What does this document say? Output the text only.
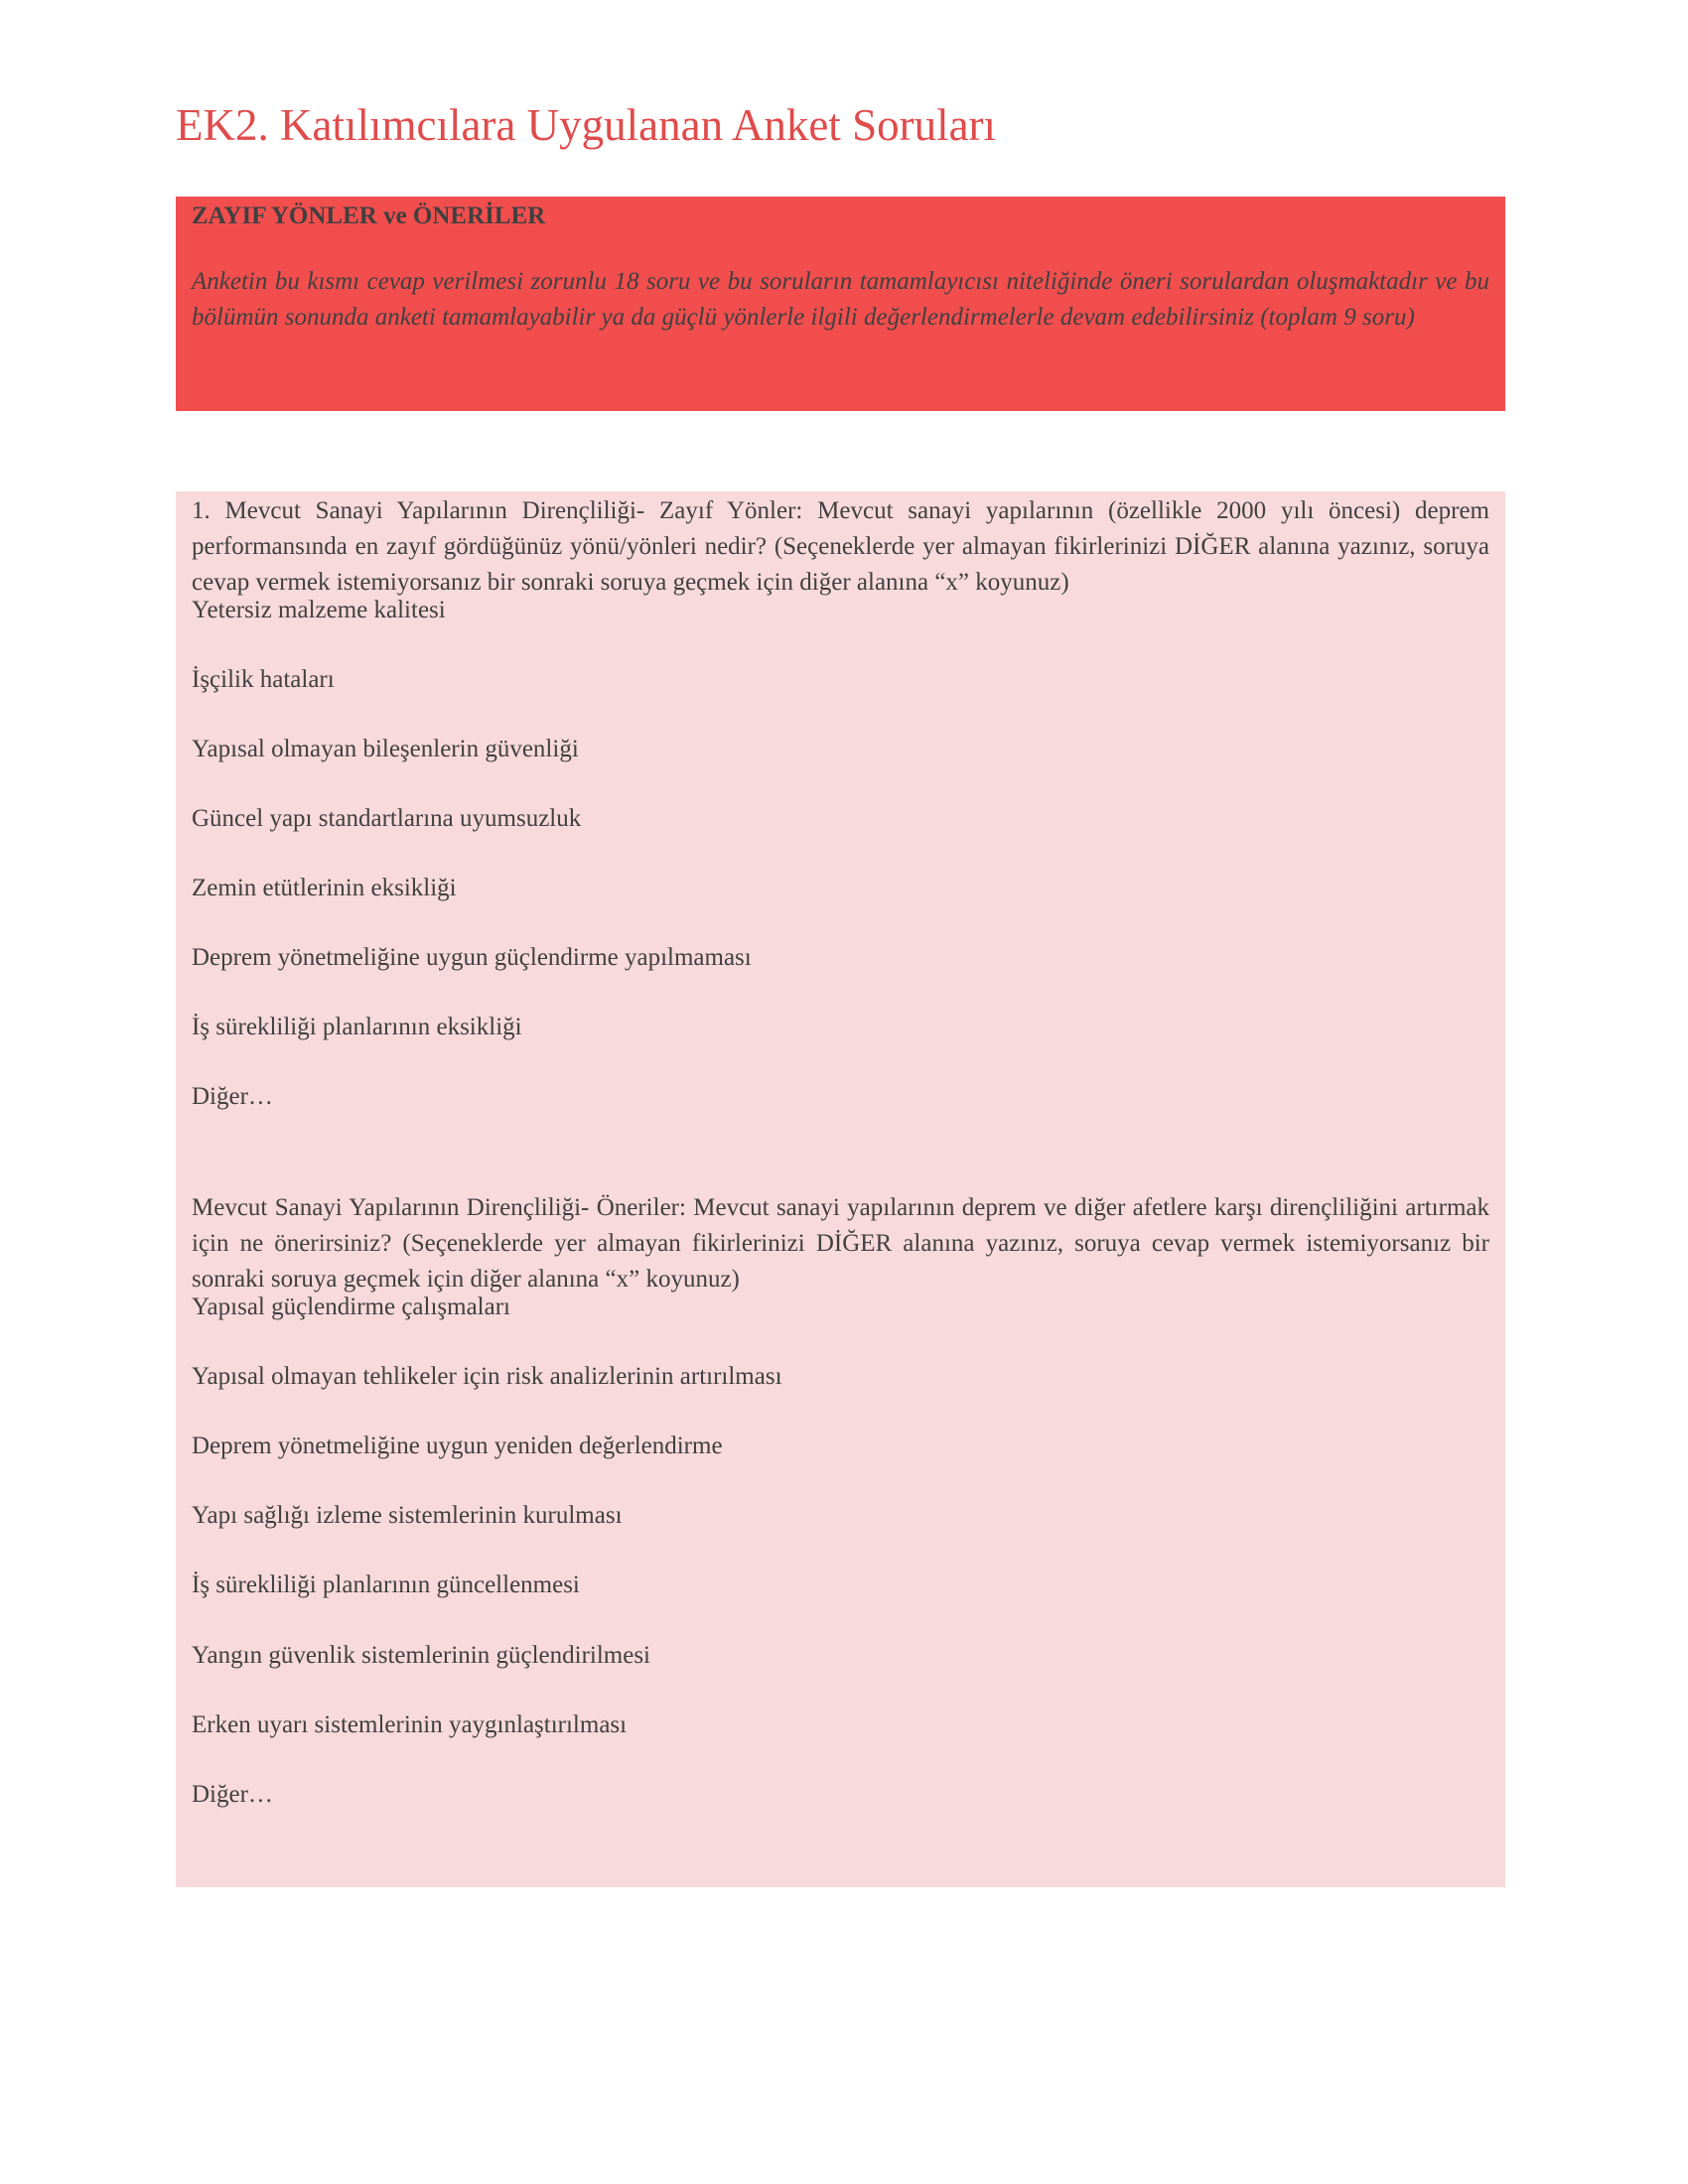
EK2. Katılımcılara Uygulanan Anket Soruları
ZAYIF YÖNLER ve ÖNERİLER

Anketin bu kısmı cevap verilmesi zorunlu 18 soru ve bu soruların tamamlayıcısı niteliğinde öneri sorulardan oluşmaktadır ve bu bölümün sonunda anketi tamamlayabilir ya da güçlü yönlerle ilgili değerlendirmelerle devam edebilirsiniz (toplam 9 soru)

1. Mevcut Sanayi Yapılarının Dirençliliği- Zayıf Yönler: Mevcut sanayi yapılarının (özellikle 2000 yılı öncesi) deprem performansında en zayıf gördüğünüz yönü/yönleri nedir? (Seçeneklerde yer almayan fikirlerinizi DİĞER alanına yazınız, soruya cevap vermek istemiyorsanız bir sonraki soruya geçmek için diğer alanına “x” koyunuz)

Yetersiz malzeme kalitesi

İşçilik hataları

Yapısal olmayan bileşenlerin güvenliği

Güncel yapı standartlarına uyumsuzluk

Zemin etütlerinin eksikliği

Deprem yönetmeliğine uygun güçlendirme yapılmaması

İş sürekliliği planlarının eksikliği

Diğer…

Mevcut Sanayi Yapılarının Dirençliliği- Öneriler: Mevcut sanayi yapılarının deprem ve diğer afetlere karşı dirençliliğini artırmak için ne önerirsiniz? (Seçeneklerde yer almayan fikirlerinizi DİĞER alanına yazınız, soruya cevap vermek istemiyorsanız bir sonraki soruya geçmek için diğer alanına “x” koyunuz)

Yapısal güçlendirme çalışmaları

Yapısal olmayan tehlikeler için risk analizlerinin artırılması

Deprem yönetmeliğine uygun yeniden değerlendirme

Yapı sağlığı izleme sistemlerinin kurulması

İş sürekliliği planlarının güncellenmesi

Yangın güvenlik sistemlerinin güçlendirilmesi

Erken uyarı sistemlerinin yaygınlaştırılması

Diğer…
